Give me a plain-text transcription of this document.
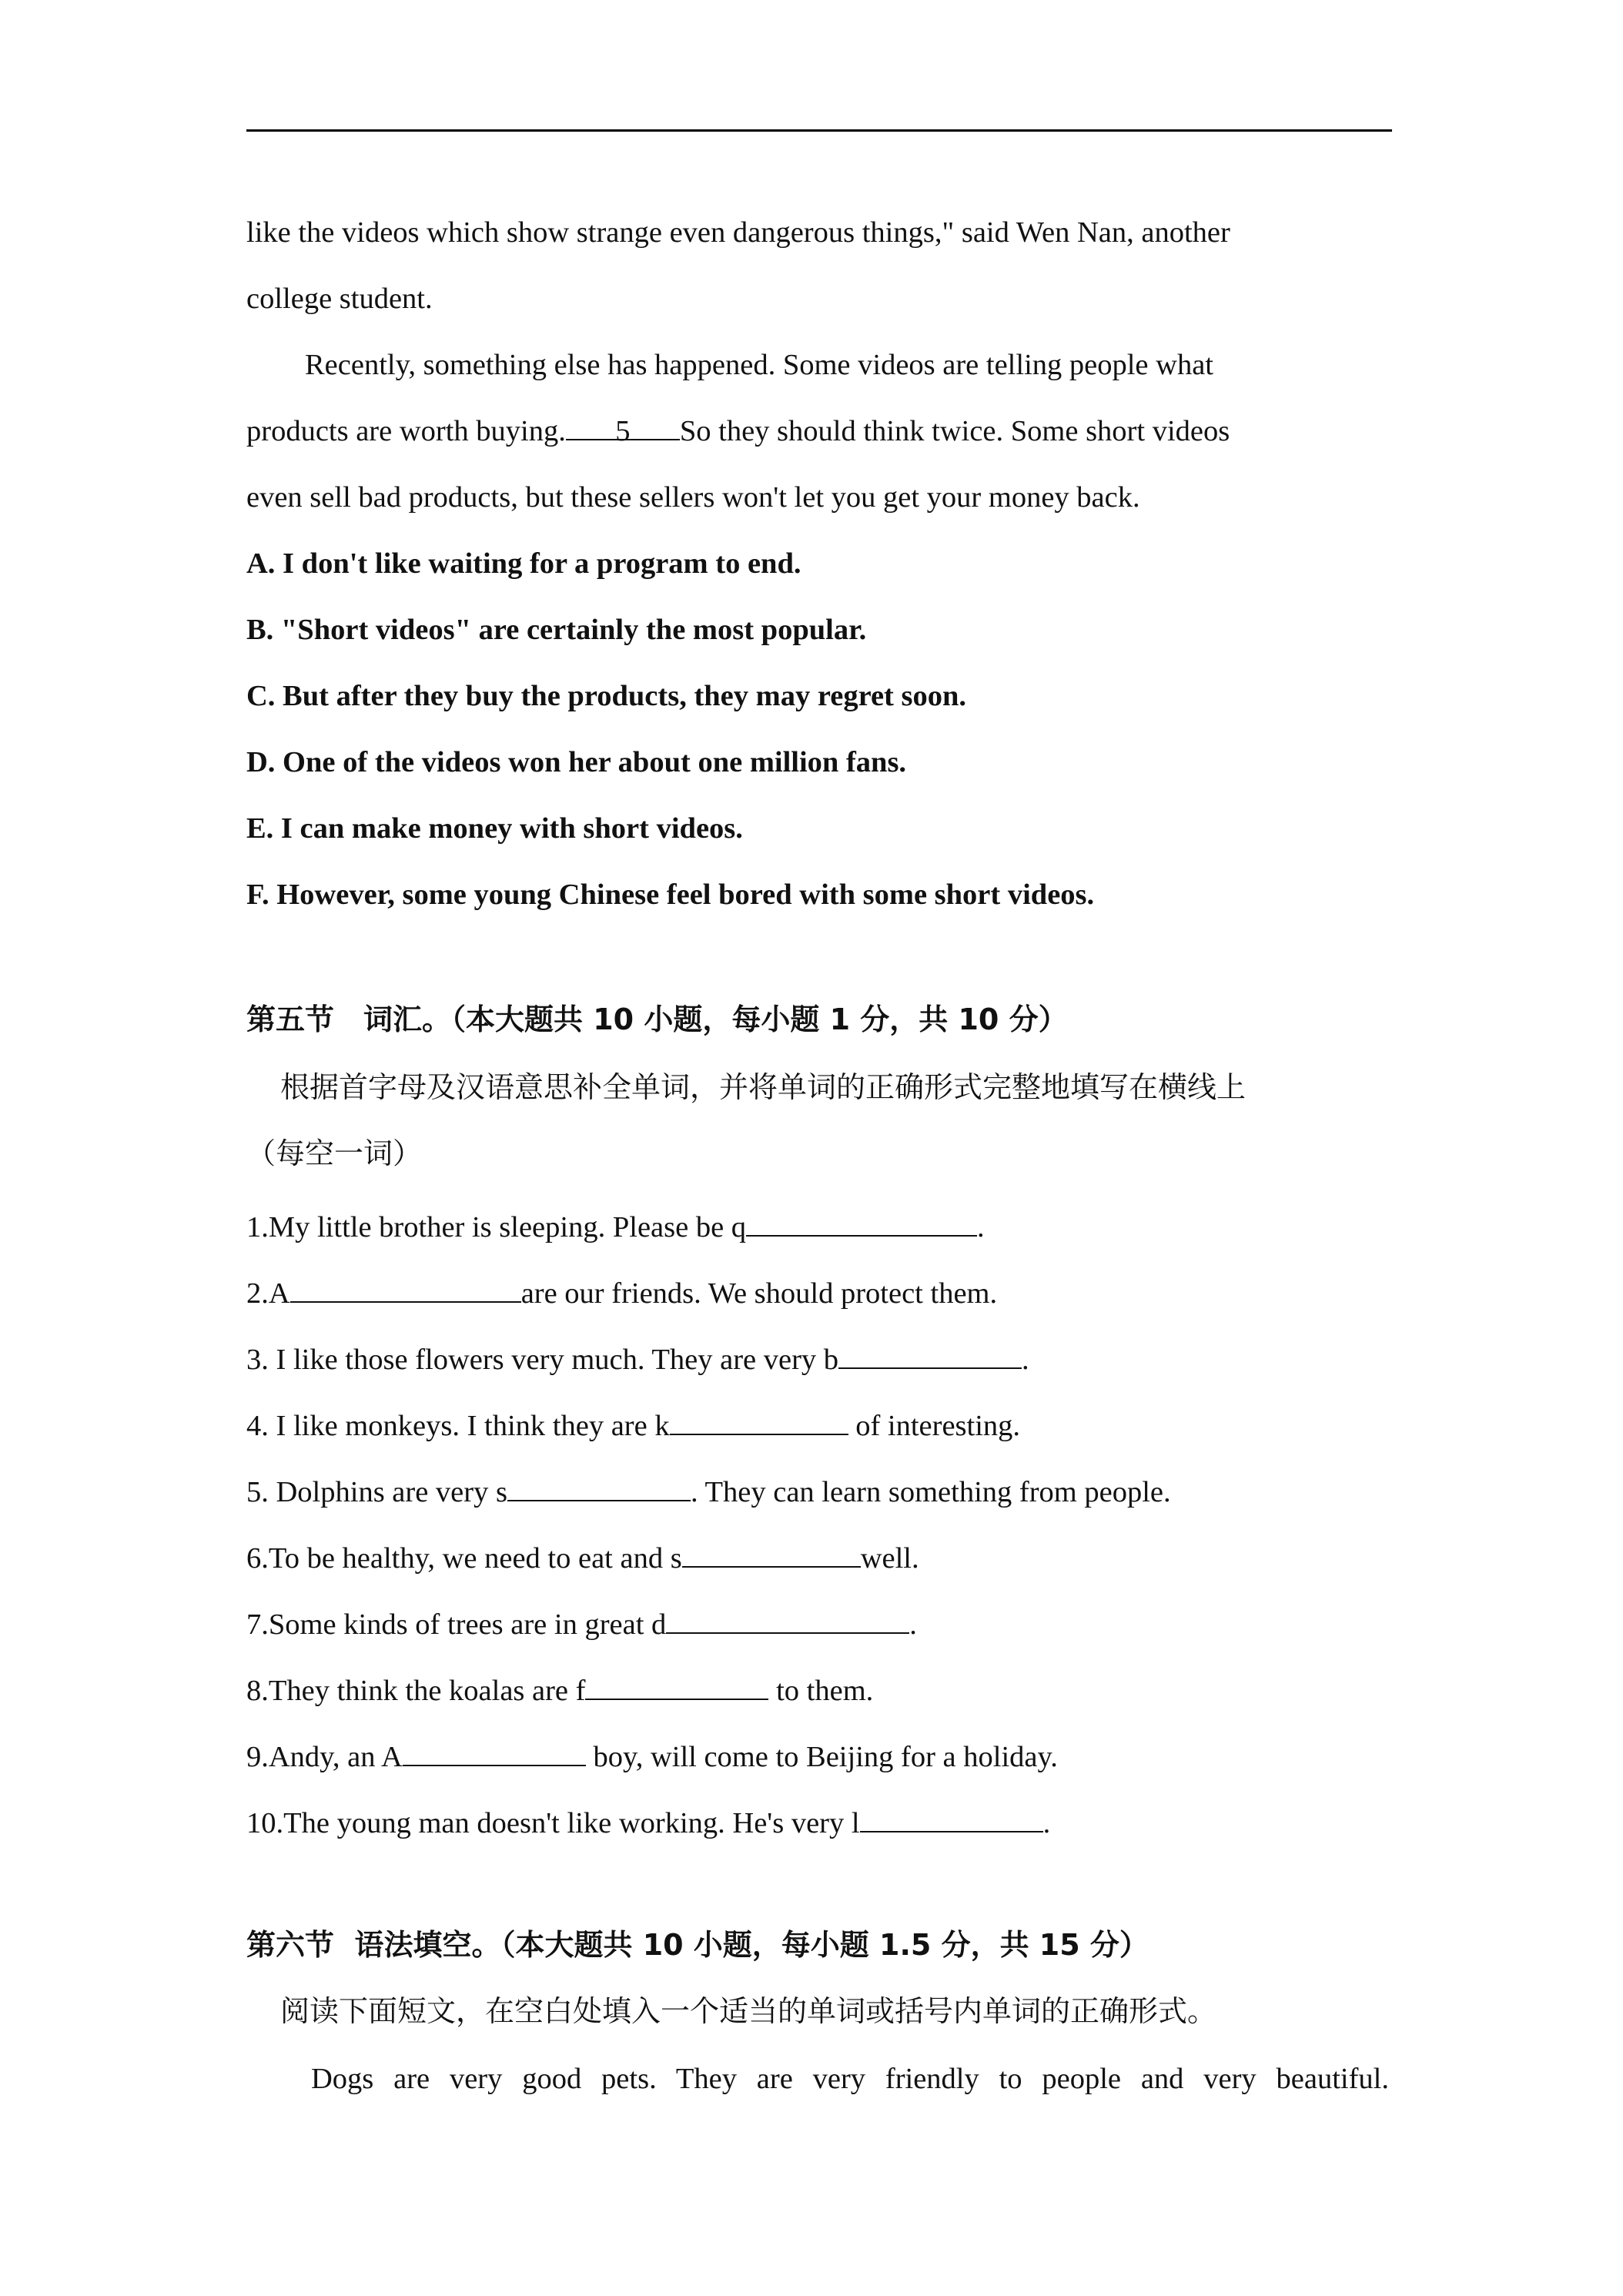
like the videos which show strange even dangerous things," said Wen Nan, another
college student.
Recently, something else has happened. Some videos are telling people what
products are worth buying. 5 So they should think twice. Some short videos
even sell bad products, but these sellers won't let you get your money back.
A. I don't like waiting for a program to end.
B. "Short videos" are certainly the most popular.
C. But after they buy the products, they may regret soon.
D. One of the videos won her about one million fans.
E. I can make money with short videos.
F. However, some young Chinese feel bored with some short videos.
第五节　词汇。（本大题共 10 小题，每小题 1 分，共 10 分）
根据首字母及汉语意思补全单词，并将单词的正确形式完整地填写在横线上
（每空一词）
1.My little brother is sleeping. Please be q	.
2.A	are our friends. We should protect them.
3. I like those flowers very much. They are very b	.
4. I like monkeys. I think they are k	of interesting.
5. Dolphins are very s	. They can learn something from people.
6.To be healthy, we need to eat and s	well.
7.Some kinds of trees are in great d	.
8.They think the koalas are f	to them.
9.Andy, an A	boy, will come to Beijing for a holiday.
10.The young man doesn't like working. He's very l	.
第六节  语法填空。（本大题共 10 小题，每小题 1.5 分，共 15 分）
阅读下面短文，在空白处填入一个适当的单词或括号内单词的正确形式。
Dogs are very good pets. They are very friendly to people and very beautiful.
